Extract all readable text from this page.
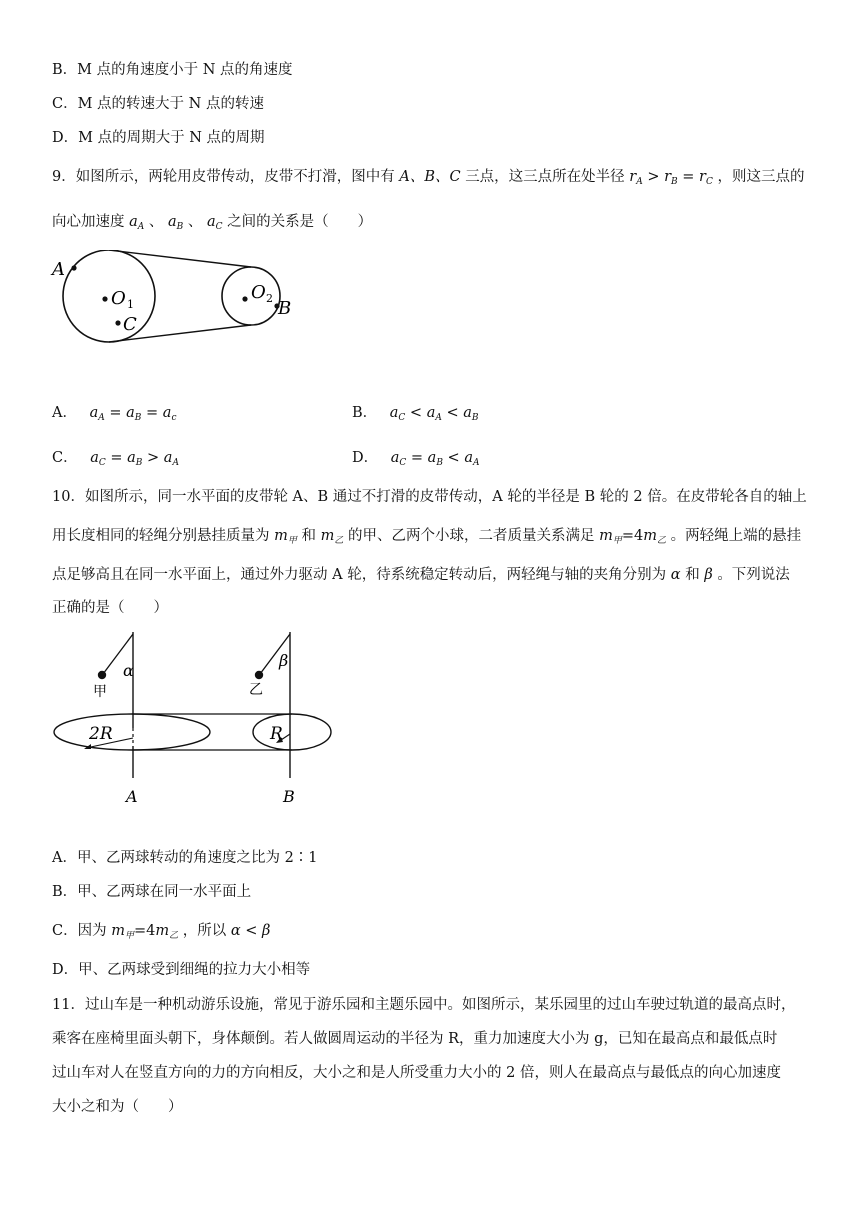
B．M 点的角速度小于 N 点的角速度
C．M 点的转速大于 N 点的转速
D．M 点的周期大于 N 点的周期
9．如图所示，两轮用皮带传动，皮带不打滑，图中有 A、B、C 三点，这三点所在处半径 $r_A > r_B = r_C$ ，则这三点的
向心加速度 $a_A$ 、 $a_B$ 、 $a_C$ 之间的关系是（　　）
A
O 1
C
O 2 B
A． $a_A = a_B = a_c$	B． $a_C < a_A < a_B$
C． $a_C = a_B > a_A$	D． $a_C = a_B < a_A$
10．如图所示，同一水平面的皮带轮 A、B 通过不打滑的皮带传动，A 轮的半径是 B 轮的 2 倍。在皮带轮各自的轴上
用长度相同的轻绳分别悬挂质量为 $m_甲$ 和 $m_乙$ 的甲、乙两个小球，二者质量关系满足 $m_甲=4m_乙$ 。两轻绳上端的悬挂
点足够高且在同一水平面上，通过外力驱动 A 轮，待系统稳定转动后，两轻绳与轴的夹角分别为 α 和 β 。下列说法
正确的是（　　）
α
β
甲	乙
2R	R
A	B
A．甲、乙两球转动的角速度之比为 2∶1
B．甲、乙两球在同一水平面上
C．因为 $m_甲=4m_乙$ ，所以 α < β
D．甲、乙两球受到细绳的拉力大小相等
11．过山车是一种机动游乐设施，常见于游乐园和主题乐园中。如图所示，某乐园里的过山车驶过轨道的最高点时，
乘客在座椅里面头朝下，身体颠倒。若人做圆周运动的半径为 R，重力加速度大小为 g，已知在最高点和最低点时
过山车对人在竖直方向的力的方向相反，大小之和是人所受重力大小的 2 倍，则人在最高点与最低点的向心加速度
大小之和为（　　）
